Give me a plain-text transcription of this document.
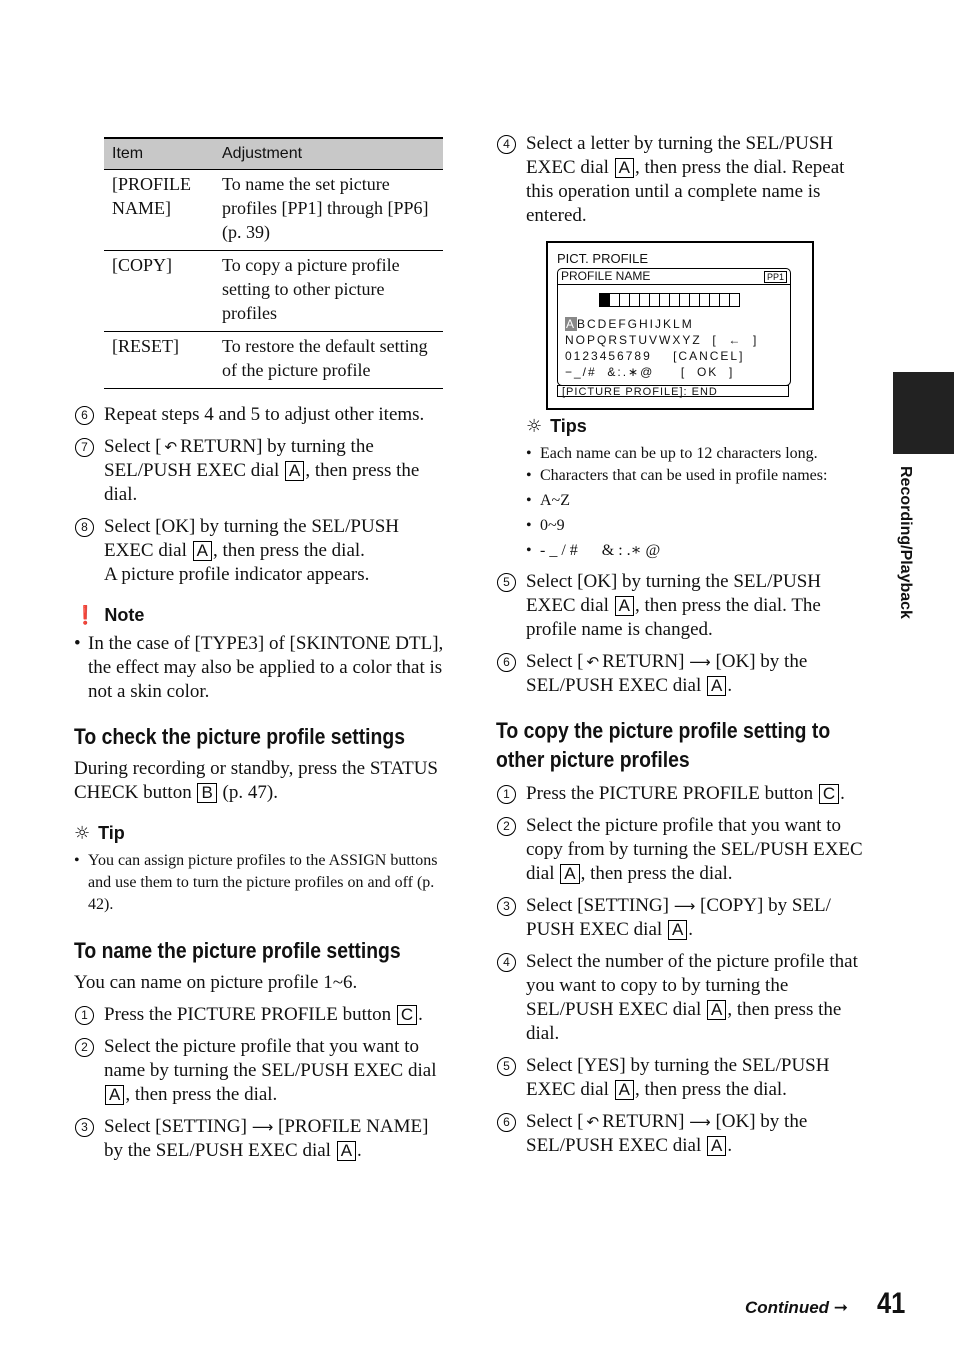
Item	Adjustment
[PROFILE NAME]	To name the set picture profiles [PP1] through [PP6] (p. 39)
[COPY]	To copy a picture profile setting to other picture profiles
[RESET]	To restore the default setting of the picture profile
6 Repeat steps 4 and 5 to adjust other items.
7 Select [ ↶ RETURN] by turning the SEL/PUSH EXEC dial A , then press the dial.
8 Select [OK] by turning the SEL/PUSH EXEC dial A , then press the dial.
A picture profile indicator appears.
❗ Note
• In the case of [TYPE3] of [SKINTONE DTL], the effect may also be applied to a color that is not a skin color.
To check the picture profile settings

During recording or standby, press the STATUS CHECK button B (p. 47).

☼ Tip
• You can assign picture profiles to the ASSIGN buttons and use them to turn the picture profiles on and off (p. 42).
To name the picture profile settings

You can name on picture profile 1~6.

1 Press the PICTURE PROFILE button C .
2 Select the picture profile that you want to name by turning the SEL/PUSH EXEC dial A , then press the dial.
3 Select [SETTING] ⟶ [PROFILE NAME] by the SEL/PUSH EXEC dial A .
4 Select a letter by turning the SEL/PUSH EXEC dial A , then press the dial. Repeat this operation until a complete name is entered.
☼ Tips
• Each name can be up to 12 characters long.
• Characters that can be used in profile names:
• A~Z
• 0~9
• - _ / #      & : .∗ @
5 Select [OK] by turning the SEL/PUSH EXEC dial A , then press the dial. The profile name is changed.
6 Select [ ↶ RETURN] ⟶ [OK] by the SEL/PUSH EXEC dial A .
To copy the picture profile setting to
other picture profiles
1 Press the PICTURE PROFILE button C .
2 Select the picture profile that you want to copy from by turning the SEL/PUSH EXEC dial A , then press the dial.
3 Select [SETTING] ⟶ [COPY] by SEL/ PUSH EXEC dial A .
4 Select the number of the picture profile that you want to copy to by turning the SEL/PUSH EXEC dial A , then press the dial.
5 Select [YES] by turning the SEL/PUSH EXEC dial A , then press the dial.
6 Select [ ↶ RETURN] ⟶ [OK] by the SEL/PUSH EXEC dial A .
PICT. PROFILE
PROFILE NAME	PP1
ABCDEFGHIJKLM
NOPQRSTUVWXYZ  [  ←  ]
0123456789    [CANCEL]
−_/#  &:.∗@     [  OK  ]
[PICTURE PROFILE]: END
Recording/Playback
Continued ➞ 41
